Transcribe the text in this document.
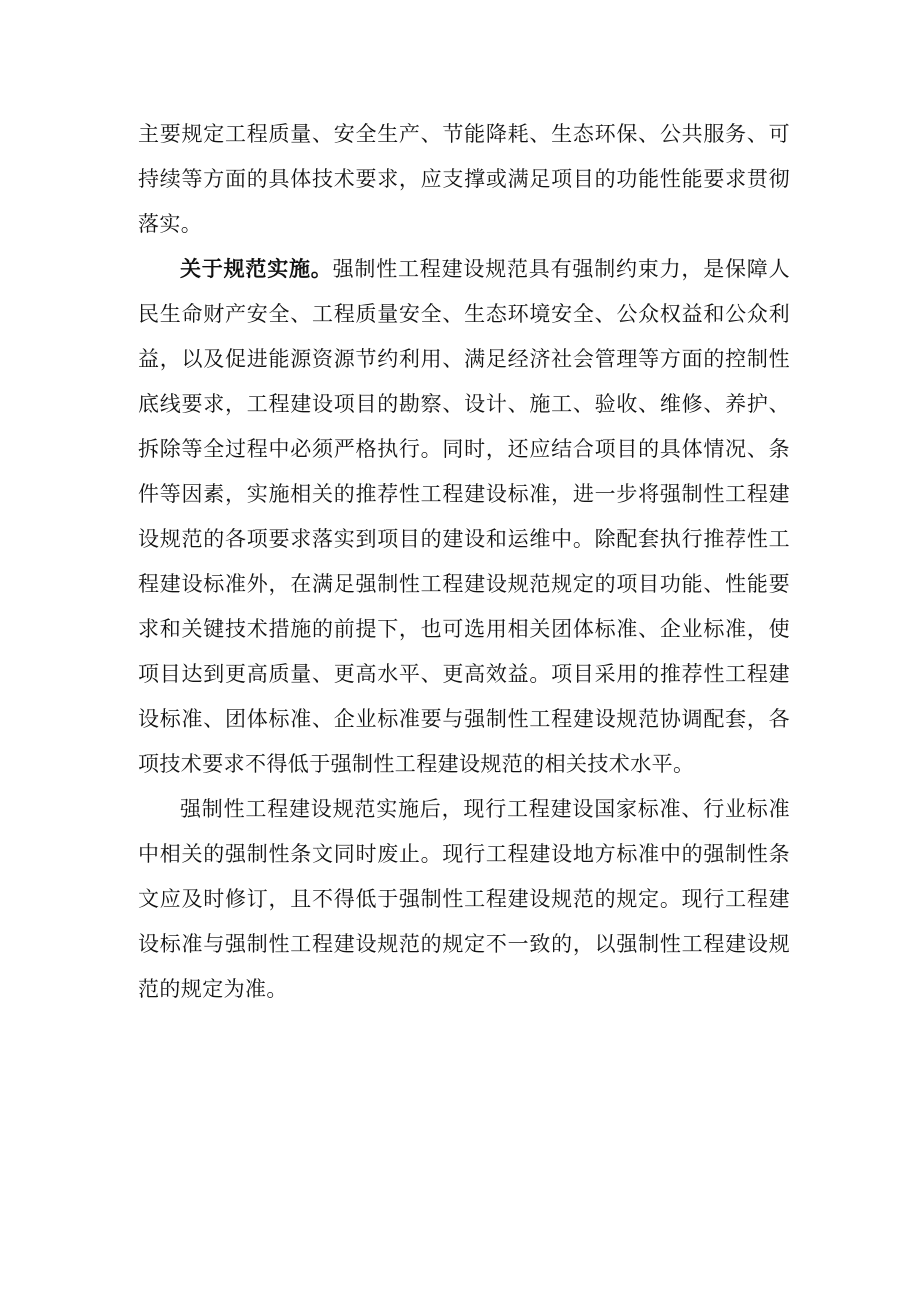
主要规定工程质量、安全生产、节能降耗、生态环保、公共服务、可持续等方面的具体技术要求，应支撑或满足项目的功能性能要求贯彻落实。

关于规范实施。强制性工程建设规范具有强制约束力，是保障人民生命财产安全、工程质量安全、生态环境安全、公众权益和公众利益，以及促进能源资源节约利用、满足经济社会管理等方面的控制性底线要求，工程建设项目的勘察、设计、施工、验收、维修、养护、拆除等全过程中必须严格执行。同时，还应结合项目的具体情况、条件等因素，实施相关的推荐性工程建设标准，进一步将强制性工程建设规范的各项要求落实到项目的建设和运维中。除配套执行推荐性工程建设标准外，在满足强制性工程建设规范规定的项目功能、性能要求和关键技术措施的前提下，也可选用相关团体标准、企业标准，使项目达到更高质量、更高水平、更高效益。项目采用的推荐性工程建设标准、团体标准、企业标准要与强制性工程建设规范协调配套，各项技术要求不得低于强制性工程建设规范的相关技术水平。

强制性工程建设规范实施后，现行工程建设国家标准、行业标准中相关的强制性条文同时废止。现行工程建设地方标准中的强制性条文应及时修订，且不得低于强制性工程建设规范的规定。现行工程建设标准与强制性工程建设规范的规定不一致的，以强制性工程建设规范的规定为准。
